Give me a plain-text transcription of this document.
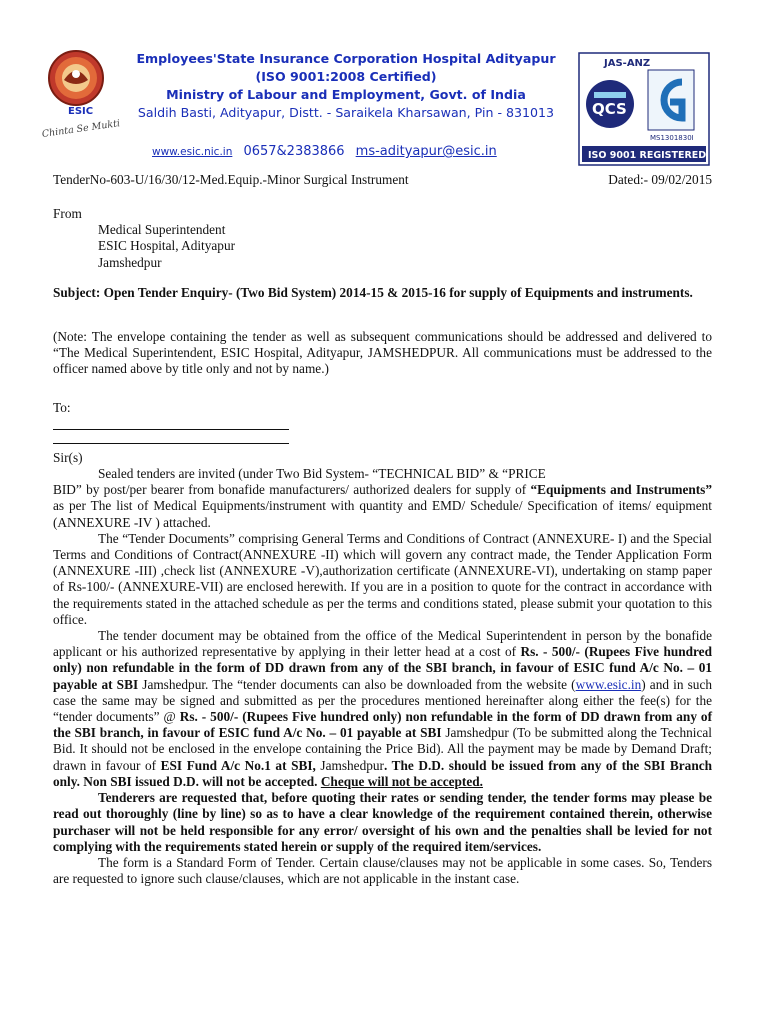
ESIC
Chinta Se Mukti
Employees'State Insurance Corporation Hospital Adityapur
(ISO 9001:2008 Certified)
Ministry of Labour and Employment, Govt. of India
Saldih Basti, Adityapur, Distt. - Saraikela Kharsawan, Pin - 831013
www.esic.nic.in 0657&2383866 ms-adityapur@esic.in
JAS-ANZ
QCS
MS1301830I
ISO 9001 REGISTERED
TenderNo-603-U/16/30/12-Med.Equip.-Minor Surgical Instrument	Dated:- 09/02/2015
From
Medical Superintendent
ESIC Hospital, Adityapur
Jamshedpur
Subject: Open Tender Enquiry- (Two Bid System) 2014-15 & 2015-16 for supply of Equipments and instruments.
(Note: The envelope containing the tender as well as subsequent communications should be addressed and delivered to “The Medical Superintendent, ESIC Hospital, Adityapur, JAMSHEDPUR. All communications must be addressed to the officer named above by title only and not by name.)
To:
Sir(s)
Sealed tenders are invited (under Two Bid System- “TECHNICAL BID” & “PRICE

BID” by post/per bearer from bonafide manufacturers/ authorized dealers for supply of “Equipments and Instruments” as per The list of Medical Equipments/instrument with quantity and EMD/ Schedule/ Specification of items/ equipment (ANNEXURE -IV ) attached.

The “Tender Documents” comprising General Terms and Conditions of Contract (ANNEXURE- I) and the Special Terms and Conditions of Contract(ANNEXURE -II) which will govern any contract made, the Tender Application Form (ANNEXURE -III) ,check list (ANNEXURE -V),authorization certificate (ANNEXURE-VI), undertaking on stamp paper of Rs-100/- (ANNEXURE-VII) are enclosed herewith. If you are in a position to quote for the contract in accordance with the requirements stated in the attached schedule as per the terms and conditions stated, please submit your quotation to this office.

The tender document may be obtained from the office of the Medical Superintendent in person by the bonafide applicant or his authorized representative by applying in their letter head at a cost of Rs. - 500/- (Rupees Five hundred only) non refundable in the form of DD drawn from any of the SBI branch, in favour of ESIC fund A/c No. – 01 payable at SBI Jamshedpur. The “tender documents can also be downloaded from the website (www.esic.in) and in such case the same may be signed and submitted as per the procedures mentioned hereinafter along either the fee(s) for the “tender documents” @ Rs. - 500/- (Rupees Five hundred only) non refundable in the form of DD drawn from any of the SBI branch, in favour of ESIC fund A/c No. – 01 payable at SBI Jamshedpur (To be submitted along the Technical Bid. It should not be enclosed in the envelope containing the Price Bid). All the payment may be made by Demand Draft; drawn in favour of ESI Fund A/c No.1 at SBI, Jamshedpur. The D.D. should be issued from any of the SBI Branch only. Non SBI issued D.D. will not be accepted. Cheque will not be accepted.

Tenderers are requested that, before quoting their rates or sending tender, the tender forms may please be read out thoroughly (line by line) so as to have a clear knowledge of the requirement contained therein, otherwise purchaser will not be held responsible for any error/ oversight of his own and the penalties shall be levied for not complying with the requirements stated herein or supply of the required item/services.

The form is a Standard Form of Tender. Certain clause/clauses may not be applicable in some cases. So, Tenders are requested to ignore such clause/clauses, which are not applicable in the instant case.
